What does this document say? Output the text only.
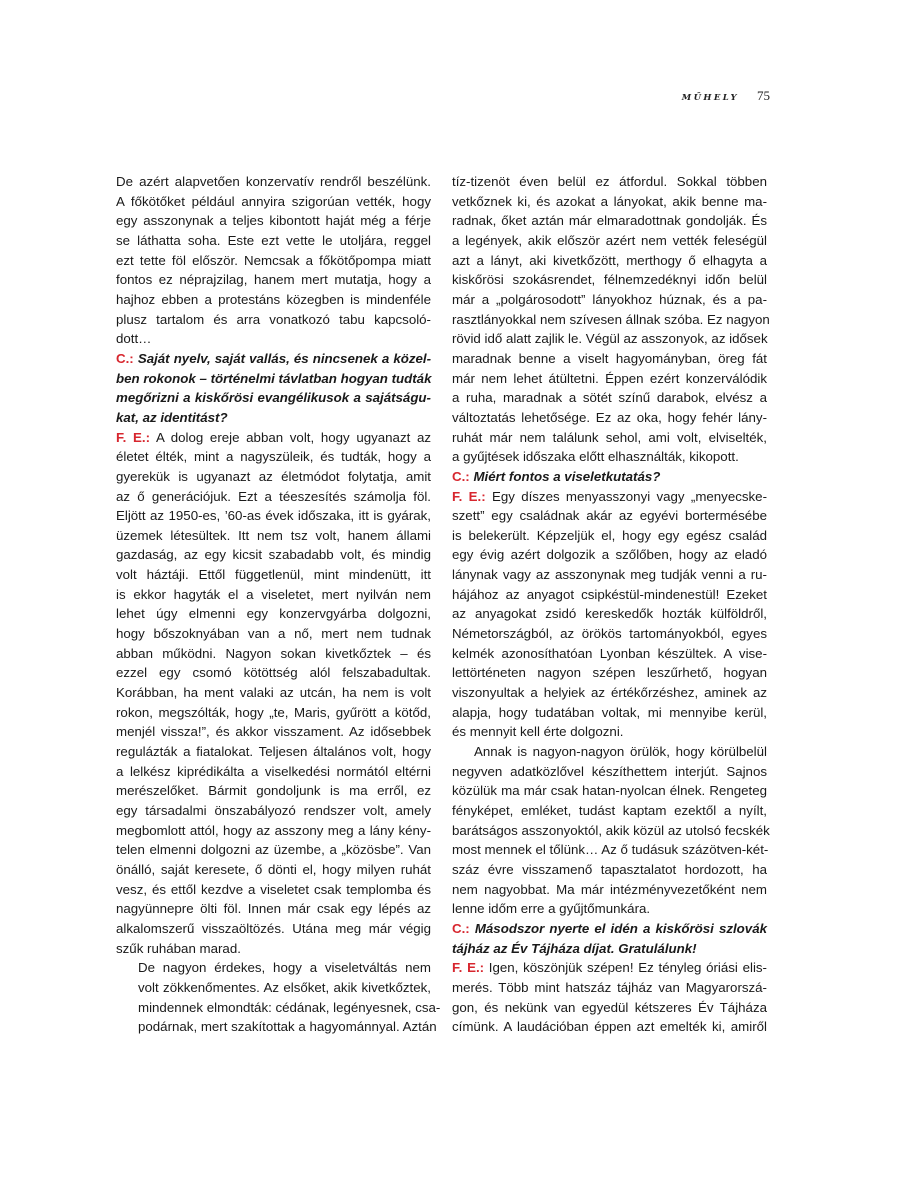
MŰHELY 75

De azért alapvetően konzervatív rendről beszélünk.
A főkötőket például annyira szigorúan vették, hogy
egy asszonynak a teljes kibontott haját még a férje
se láthatta soha. Este ezt vette le utoljára, reggel
ezt tette föl először. Nemcsak a főkötőpompa miatt
fontos ez néprajzilag, hanem mert mutatja, hogy a
hajhoz ebben a protestáns közegben is mindenféle
plusz tartalom és arra vonatkozó tabu kapcsoló-
dott…

C.: Saját nyelv, saját vallás, és nincsenek a közel-
ben rokonok – történelmi távlatban hogyan tudták
megőrizni a kiskőrösi evangélikusok a sajátságu-
kat, az identitást?

F. E.: A dolog ereje abban volt, hogy ugyanazt az
életet élték, mint a nagyszüleik, és tudták, hogy a
gyerekük is ugyanazt az életmódot folytatja, amit
az ő generációjuk. Ezt a téeszesítés számolja föl.
Eljött az 1950-es, ’60-as évek időszaka, itt is gyárak,
üzemek létesültek. Itt nem tsz volt, hanem állami
gazdaság, az egy kicsit szabadabb volt, és mindig
volt háztáji. Ettől függetlenül, mint mindenütt, itt
is ekkor hagyták el a viseletet, mert nyilván nem
lehet úgy elmenni egy konzervgyárba dolgozni,
hogy bőszoknyában van a nő, mert nem tudnak
abban működni. Nagyon sokan kivetkőztek – és
ezzel egy csomó kötöttség alól felszabadultak.
Korábban, ha ment valaki az utcán, ha nem is volt
rokon, megszólták, hogy „te, Maris, gyűrött a kötőd,
menjél vissza!”, és akkor visszament. Az idősebbek
regulázták a fiatalokat. Teljesen általános volt, hogy
a lelkész kiprédikálta a viselkedési normától eltérni
merészelőket. Bármit gondoljunk is ma erről, ez
egy társadalmi önszabályozó rendszer volt, amely
megbomlott attól, hogy az asszony meg a lány kény-
telen elmenni dolgozni az üzembe, a „közösbe”. Van
önálló, saját keresete, ő dönti el, hogy milyen ruhát
vesz, és ettől kezdve a viseletet csak templomba és
nagyünnepre ölti föl. Innen már csak egy lépés az
alkalomszerű visszaöltözés. Utána meg már végig
szűk ruhában marad.

De nagyon érdekes, hogy a viseletváltás nem
volt zökkenőmentes. Az elsőket, akik kivetkőztek,
mindennek elmondták: cédának, legényesnek, csa-
podárnak, mert szakítottak a hagyománnyal. Aztán

tíz-tizenöt éven belül ez átfordul. Sokkal többen
vetkőznek ki, és azokat a lányokat, akik benne ma-
radnak, őket aztán már elmaradottnak gondolják. És
a legények, akik először azért nem vették feleségül
azt a lányt, aki kivetkőzött, merthogy ő elhagyta a
kiskőrösi szokásrendet, félnemzedéknyi időn belül
már a „polgárosodott” lányokhoz húznak, és a pa-
rasztlányokkal nem szívesen állnak szóba. Ez nagyon
rövid idő alatt zajlik le. Végül az asszonyok, az idősek
maradnak benne a viselt hagyományban, öreg fát
már nem lehet átültetni. Éppen ezért konzerválódik
a ruha, maradnak a sötét színű darabok, elvész a
változtatás lehetősége. Ez az oka, hogy fehér lány-
ruhát már nem találunk sehol, ami volt, elviselték,
a gyűjtések időszaka előtt elhasználták, kikopott.

C.: Miért fontos a viseletkutatás?

F. E.: Egy díszes menyasszonyi vagy „menyecske-
szett” egy családnak akár az egyévi bortermésébe
is belekerült. Képzeljük el, hogy egy egész család
egy évig azért dolgozik a szőlőben, hogy az eladó
lánynak vagy az asszonynak meg tudják venni a ru-
hájához az anyagot csipkéstül-mindenestül! Ezeket
az anyagokat zsidó kereskedők hozták külföldről,
Németországból, az örökös tartományokból, egyes
kelmék azonosíthatóan Lyonban készültek. A vise-
lettörténeten nagyon szépen leszűrhető, hogyan
viszonyultak a helyiek az értékőrzéshez, aminek az
alapja, hogy tudatában voltak, mi mennyibe kerül,
és mennyit kell érte dolgozni.

Annak is nagyon-nagyon örülök, hogy körülbelül
negyven adatközlővel készíthettem interjút. Sajnos
közülük ma már csak hatan-nyolcan élnek. Rengeteg
fényképet, emléket, tudást kaptam ezektől a nyílt,
barátságos asszonyoktól, akik közül az utolsó fecskék
most mennek el tőlünk… Az ő tudásuk százötven-két-
száz évre visszamenő tapasztalatot hordozott, ha
nem nagyobbat. Ma már intézményvezetőként nem
lenne időm erre a gyűjtőmunkára.

C.: Másodszor nyerte el idén a kiskőrösi szlovák
tájház az Év Tájháza díjat. Gratulálunk!

F. E.: Igen, köszönjük szépen! Ez tényleg óriási elis-
merés. Több mint hatszáz tájház van Magyarorszá-
gon, és nekünk van egyedül kétszeres Év Tájháza
címünk. A laudációban éppen azt emelték ki, amiről
